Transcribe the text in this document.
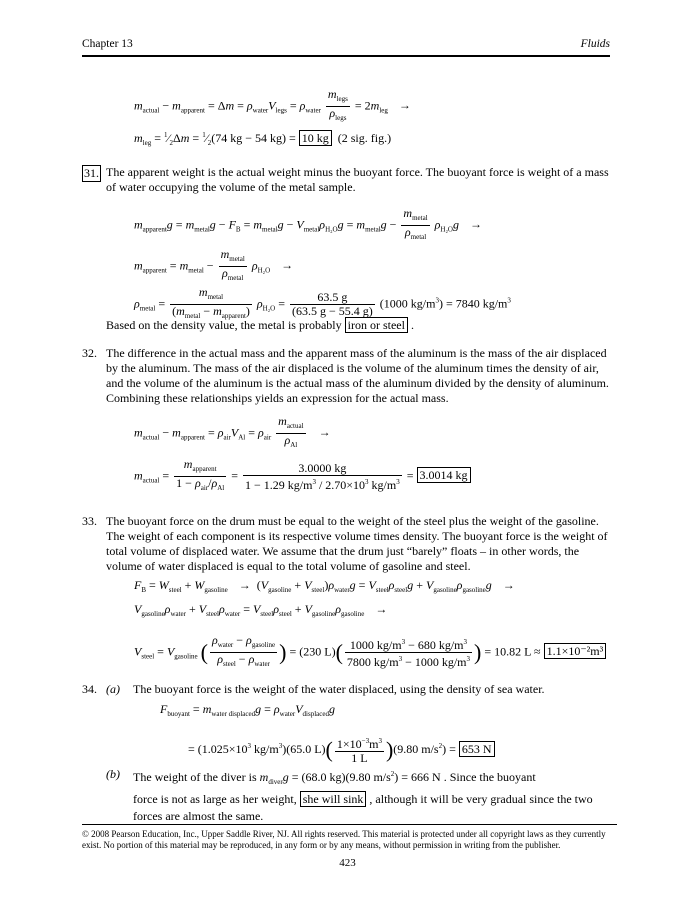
Chapter 13	Fluids
$m_{actual} - m_{apparent} = \Delta m = \rho_{water}V_{legs} = \rho_{water} \frac{m_{legs}}{\rho_{legs}} = 2m_{leg}$ →
$m_{leg}$ = $^1⁄_2\Delta m$ = $^1⁄_2(74$ kg − 54 kg) = 10 kg (2 sig. fig.)
31. The apparent weight is the actual weight minus the buoyant force. The buoyant force is weight of a mass of water occupying the volume of the metal sample.
$m_{apparent}g = m_{metal}g - F_B = m_{metal}g - V_{metal}\rho_{H_2O}g = m_{metal}g - \frac{m_{metal}}{\rho_{metal}} \rho_{H_2O}g$ →
$m_{apparent} = m_{metal} - \frac{m_{metal}}{\rho_{metal}} \rho_{H_2O}$ →
$\rho_{metal} = \frac{m_{metal}}{(m_{metal} - m_{apparent})} \rho_{H_2O} = \frac{63.5 g}{(63.5 g - 55.4 g)} (1000$ $kg/m^3) = 7840$ $kg/m^3$
Based on the density value, the metal is probably iron or steel .
32. The difference in the actual mass and the apparent mass of the aluminum is the mass of the air displaced by the aluminum. The mass of the air displaced is the volume of the aluminum times the density of air, and the volume of the aluminum is the actual mass of the aluminum divided by the density of aluminum. Combining these relationships yields an expression for the actual mass.
$m_{actual} - m_{apparent} = \rho_{air}V_{Al} = \rho_{air} \frac{m_{actual}}{\rho_{Al}}$ →
$m_{actual} = \frac{m_{apparent}}{1 - \rho_{air}/\rho_{Al}} = \frac{3.0000 kg}{1 - 1.29 kg/m^3 / 2.70\times 10^3 kg/m^3} = 3.0014$ kg
33. The buoyant force on the drum must be equal to the weight of the steel plus the weight of the gasoline. The weight of each component is its respective volume times density. The buoyant force is the weight of total volume of displaced water. We assume that the drum just “barely” floats – in other words, the volume of water displaced is equal to the total volume of gasoline and steel.
$F_B = W_{steel} + W_{gasoline} \to (V_{gasoline} + V_{steel})\rho_{water}g = V_{steel}\rho_{steel}g + V_{gasoline}\rho_{gasoline}g$ →
$V_{gasoline}\rho_{water} + V_{steel}\rho_{water} = V_{steel}\rho_{steel} + V_{gasoline}\rho_{gasoline}$ →
$V_{steel} = V_{gasoline}$ ( $\frac{\rho_{water} - \rho_{gasoline}}{\rho_{steel} - \rho_{water}}$ ) = (230 $L)( \frac{1000 kg/m^3 - 680 kg/m^3}{7800 kg/m^3 - 1000 kg/m^3}$ ) = 10.82 L ≈ 1.1×10⁻²m³
34. (a) The buoyant force is the weight of the water displaced, using the density of sea water.
$F_{buoyant} = m_{water displaced}g = \rho_{water}V_{displaced}g$
= ($1.025\times 10^3$ $kg/m^3)(65.0$ $L)( \frac{1\times 10^{-3}m^3}{1 L} )(9.80$ $m/s^2) = 653$ N
(b) The weight of the diver is $m_{diver}g = (68.0$ kg)(9.80 $m/s^2) = 666$ N . Since the buoyant
force is not as large as her weight, she will sink , although it will be very gradual since the two forces are almost the same.
© 2008 Pearson Education, Inc., Upper Saddle River, NJ. All rights reserved. This material is protected under all copyright laws as they currently exist. No portion of this material may be reproduced, in any form or by any means, without permission in writing from the publisher.
423
